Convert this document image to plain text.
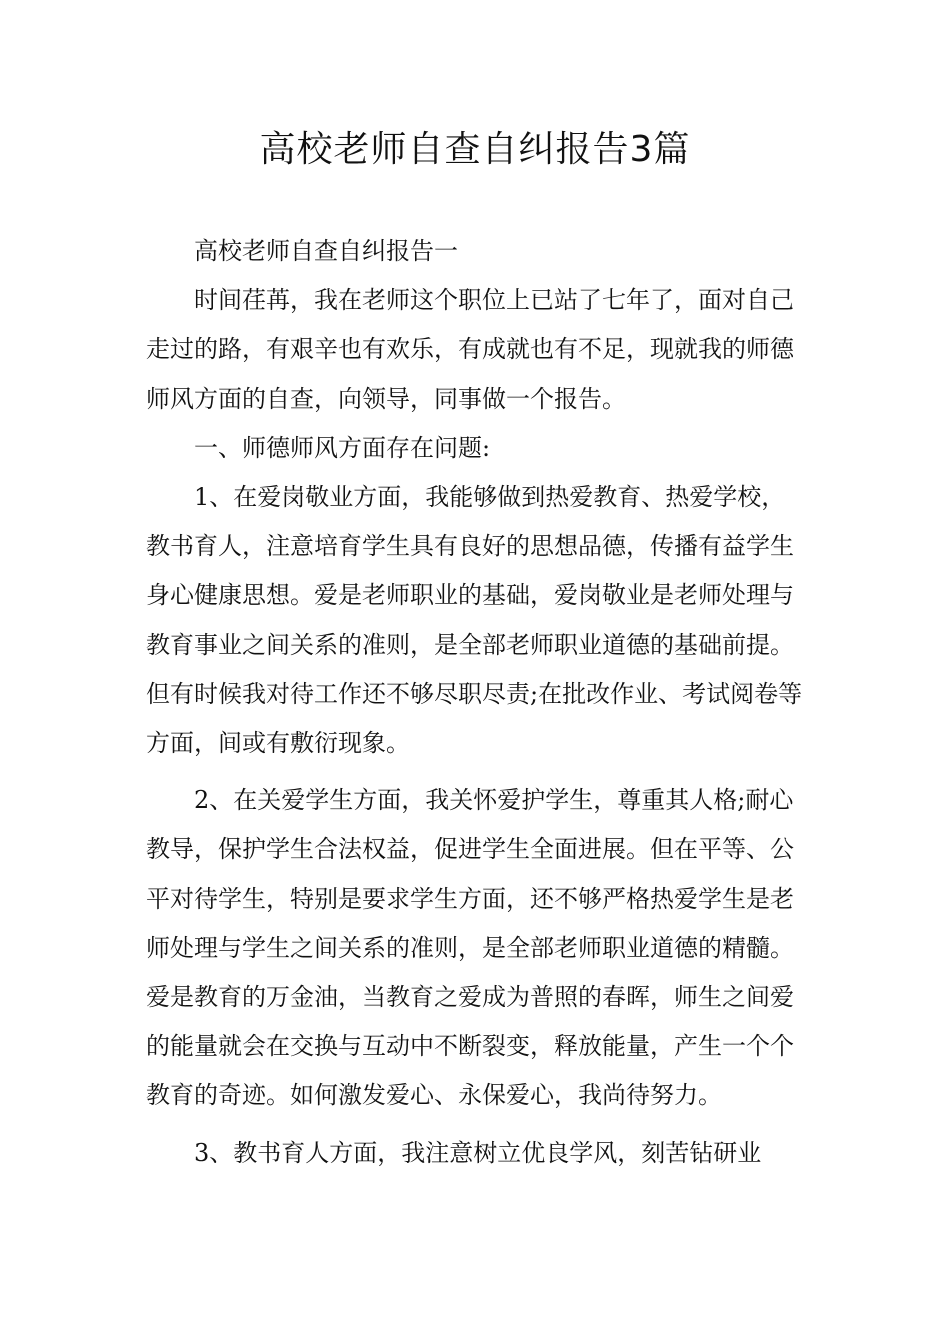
高校老师自查自纠报告3篇

高校老师自查自纠报告一

时间荏苒，我在老师这个职位上已站了七年了，面对自己走过的路，有艰辛也有欢乐，有成就也有不足，现就我的师德师风方面的自查，向领导，同事做一个报告。

一、师德师风方面存在问题:

1、在爱岗敬业方面，我能够做到热爱教育、热爱学校，教书育人，注意培育学生具有良好的思想品德，传播有益学生身心健康思想。爱是老师职业的基础，爱岗敬业是老师处理与教育事业之间关系的准则，是全部老师职业道德的基础前提。但有时候我对待工作还不够尽职尽责;在批改作业、考试阅卷等方面，间或有敷衍现象。

2、在关爱学生方面，我关怀爱护学生，尊重其人格;耐心教导，保护学生合法权益，促进学生全面进展。但在平等、公平对待学生，特别是要求学生方面，还不够严格热爱学生是老师处理与学生之间关系的准则，是全部老师职业道德的精髓。爱是教育的万金油，当教育之爱成为普照的春晖，师生之间爱的能量就会在交换与互动中不断裂变，释放能量，产生一个个教育的奇迹。如何激发爱心、永保爱心，我尚待努力。

3、教书育人方面，我注意树立优良学风，刻苦钻研业
